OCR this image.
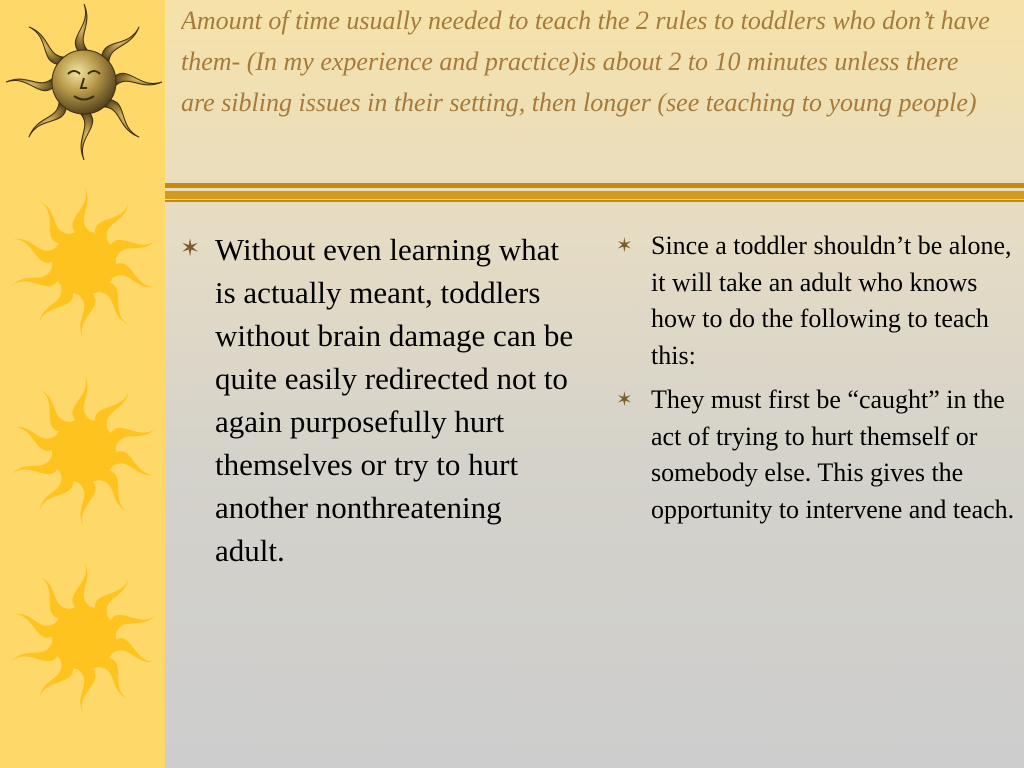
Amount of time usually needed to teach the 2 rules to toddlers who don’t have them- (In my experience and practice)is about 2 to 10 minutes unless there are sibling issues in their setting, then longer (see teaching to young people)
✶ Without even learning what is actually meant, toddlers without brain damage can be quite easily redirected not to again purposefully hurt themselves or try to hurt another nonthreatening adult.
✶ Since a toddler shouldn’t be alone, it will take an adult who knows how to do the following to teach this:
✶ They must first be “caught” in the act of trying to hurt themself or somebody else. This gives the opportunity to intervene and teach.
